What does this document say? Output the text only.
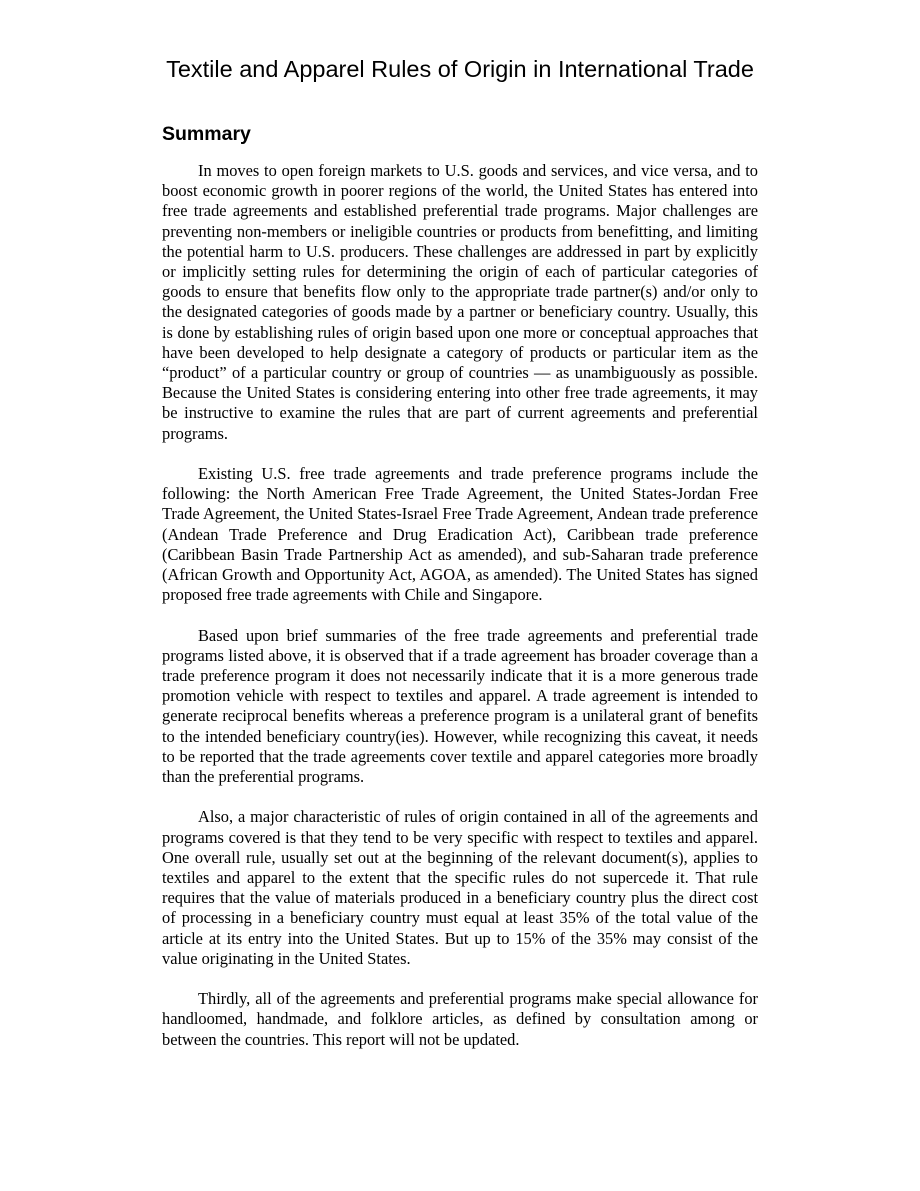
Textile and Apparel Rules of Origin in International Trade
Summary

In moves to open foreign markets to U.S. goods and services, and vice versa, and to boost economic growth in poorer regions of the world, the United States has entered into free trade agreements and established preferential trade programs. Major challenges are preventing non-members or ineligible countries or products from benefitting, and limiting the potential harm to U.S. producers. These challenges are addressed in part by explicitly or implicitly setting rules for determining the origin of each of particular categories of goods to ensure that benefits flow only to the appropriate trade partner(s) and/or only to the designated categories of goods made by a partner or beneficiary country. Usually, this is done by establishing rules of origin based upon one more or conceptual approaches that have been developed to help designate a category of products or particular item as the “product” of a particular country or group of countries — as unambiguously as possible. Because the United States is considering entering into other free trade agreements, it may be instructive to examine the rules that are part of current agreements and preferential programs.

Existing U.S. free trade agreements and trade preference programs include the following: the North American Free Trade Agreement, the United States-Jordan Free Trade Agreement, the United States-Israel Free Trade Agreement, Andean trade preference (Andean Trade Preference and Drug Eradication Act), Caribbean trade preference (Caribbean Basin Trade Partnership Act as amended), and sub-Saharan trade preference (African Growth and Opportunity Act, AGOA, as amended). The United States has signed proposed free trade agreements with Chile and Singapore.

Based upon brief summaries of the free trade agreements and preferential trade programs listed above, it is observed that if a trade agreement has broader coverage than a trade preference program it does not necessarily indicate that it is a more generous trade promotion vehicle with respect to textiles and apparel. A trade agreement is intended to generate reciprocal benefits whereas a preference program is a unilateral grant of benefits to the intended beneficiary country(ies). However, while recognizing this caveat, it needs to be reported that the trade agreements cover textile and apparel categories more broadly than the preferential programs.

Also, a major characteristic of rules of origin contained in all of the agreements and programs covered is that they tend to be very specific with respect to textiles and apparel. One overall rule, usually set out at the beginning of the relevant document(s), applies to textiles and apparel to the extent that the specific rules do not supercede it. That rule requires that the value of materials produced in a beneficiary country plus the direct cost of processing in a beneficiary country must equal at least 35% of the total value of the article at its entry into the United States. But up to 15% of the 35% may consist of the value originating in the United States.

Thirdly, all of the agreements and preferential programs make special allowance for handloomed, handmade, and folklore articles, as defined by consultation among or between the countries. This report will not be updated.
